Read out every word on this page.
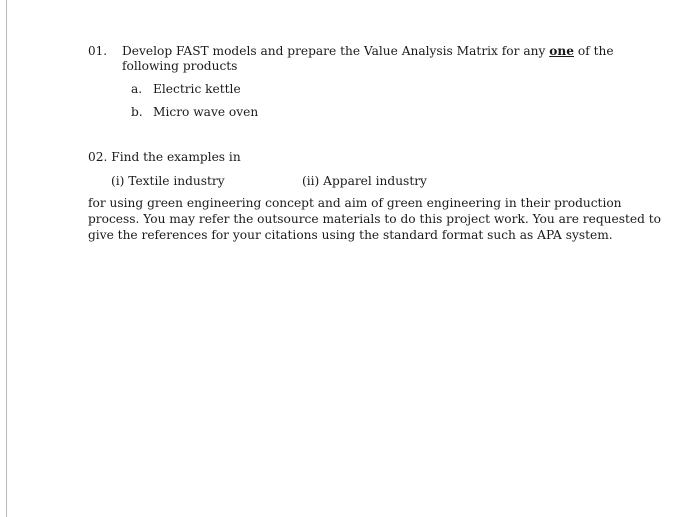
01. Develop FAST models and prepare the Value Analysis Matrix for any one of the
following products
a. Electric kettle
b. Micro wave oven
02. Find the examples in
(i) Textile industry	(ii) Apparel industry
for using green engineering concept and aim of green engineering in their production
process. You may refer the outsource materials to do this project work. You are requested to
give the references for your citations using the standard format such as APA system.
